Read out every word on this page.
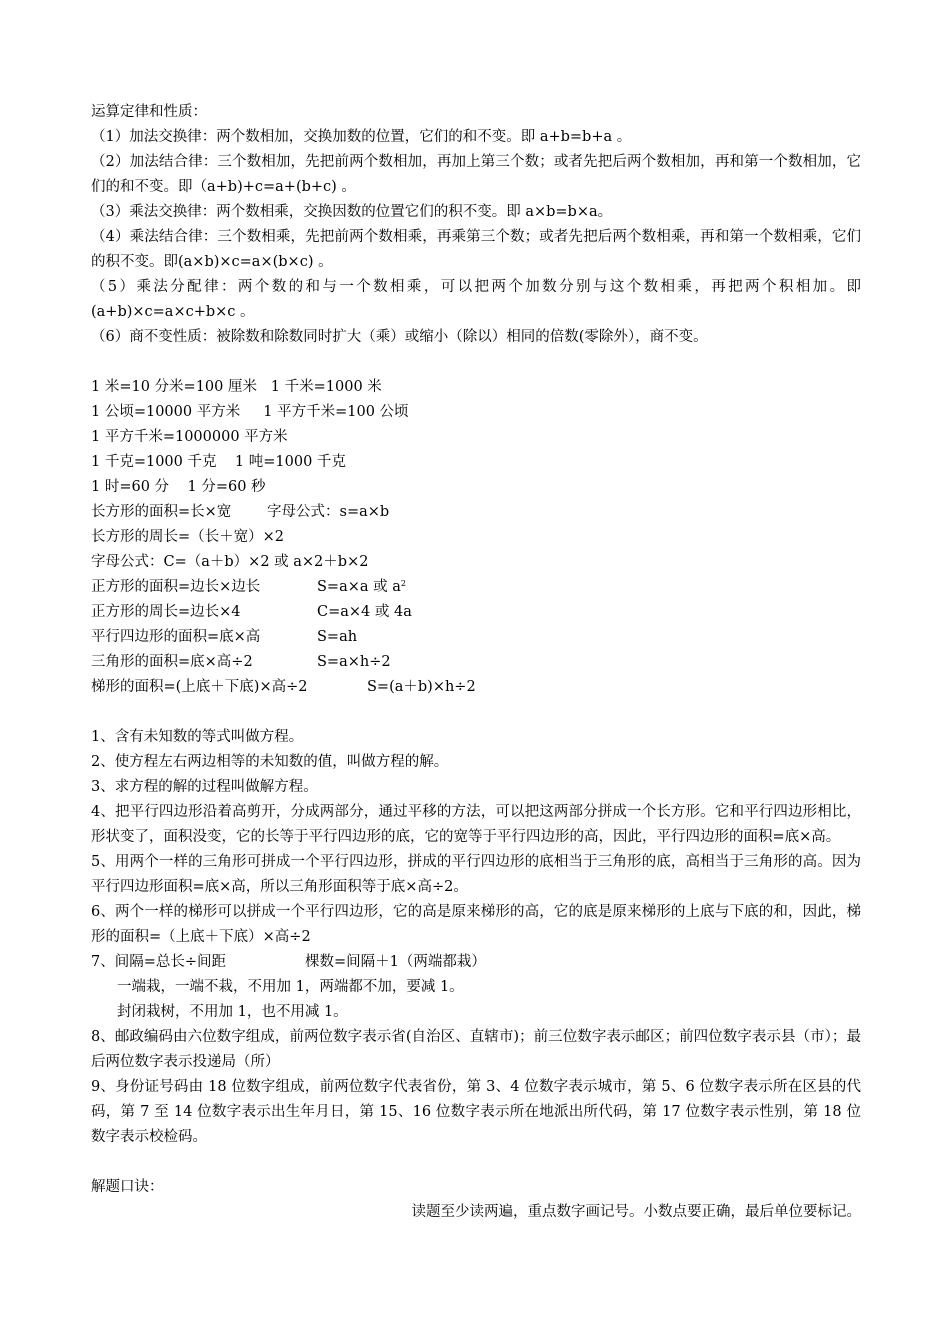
运算定律和性质：
（1）加法交换律：两个数相加，交换加数的位置，它们的和不变。即 a+b=b+a 。
（2）加法结合律：三个数相加，先把前两个数相加，再加上第三个数；或者先把后两个数相加，再和第一个数相加，它们的和不变。即（a+b)+c=a+(b+c) 。
（3）乘法交换律：两个数相乘，交换因数的位置它们的积不变。即 a×b=b×a。
（4）乘法结合律：三个数相乘，先把前两个数相乘，再乘第三个数；或者先把后两个数相乘，再和第一个数相乘，它们的积不变。即(a×b)×c=a×(b×c) 。
（5）乘法分配律：两个数的和与一个数相乘，可以把两个加数分别与这个数相乘，再把两个积相加。即(a+b)×c=a×c+b×c 。
（6）商不变性质：被除数和除数同时扩大（乘）或缩小（除以）相同的倍数(零除外），商不变。
1 米=10 分米=100 厘米   1 千米=1000 米
1 公顷=10000 平方米     1 平方千米=100 公顷
1 平方千米=1000000 平方米
1 千克=1000 千克    1 吨=1000 千克
1 时=60 分    1 分=60 秒
长方形的面积=长×宽 字母公式：s=a×b
长方形的周长=（长＋宽）×2
字母公式：C=（a＋b）×2 或 a×2＋b×2
正方形的面积=边长×边长	S=a×a 或 $a^2$
正方形的周长=边长×4	C=a×4 或 4a
平行四边形的面积=底×高	S=ah
三角形的面积=底×高÷2	S=a×h÷2
梯形的面积=(上底＋下底)×高÷2	S=(a＋b)×h÷2
1、含有未知数的等式叫做方程。
2、使方程左右两边相等的未知数的值，叫做方程的解。
3、求方程的解的过程叫做解方程。
4、把平行四边形沿着高剪开，分成两部分，通过平移的方法，可以把这两部分拼成一个长方形。它和平行四边形相比，形状变了，面积没变，它的长等于平行四边形的底，它的宽等于平行四边形的高，因此，平行四边形的面积=底×高。
5、用两个一样的三角形可拼成一个平行四边形，拼成的平行四边形的底相当于三角形的底，高相当于三角形的高。因为平行四边形面积=底×高，所以三角形面积等于底×高÷2。
6、两个一样的梯形可以拼成一个平行四边形，它的高是原来梯形的高，它的底是原来梯形的上底与下底的和，因此，梯形的面积=（上底＋下底）×高÷2
7、间隔=总长÷间距	棵数=间隔＋1（两端都栽）
一端栽，一端不栽，不用加 1，两端都不加，要减 1。
封闭栽树，不用加 1，也不用减 1。
8、邮政编码由六位数字组成，前两位数字表示省(自治区、直辖市)；前三位数字表示邮区；前四位数字表示县（市）；最后两位数字表示投递局（所）
9、身份证号码由 18 位数字组成，前两位数字代表省份，第 3、4 位数字表示城市，第 5、6 位数字表示所在区县的代码，第 7 至 14 位数字表示出生年月日，第 15、16 位数字表示所在地派出所代码，第 17 位数字表示性别，第 18 位数字表示校检码。
解题口诀：
读题至少读两遍，重点数字画记号。小数点要正确，最后单位要标记。
